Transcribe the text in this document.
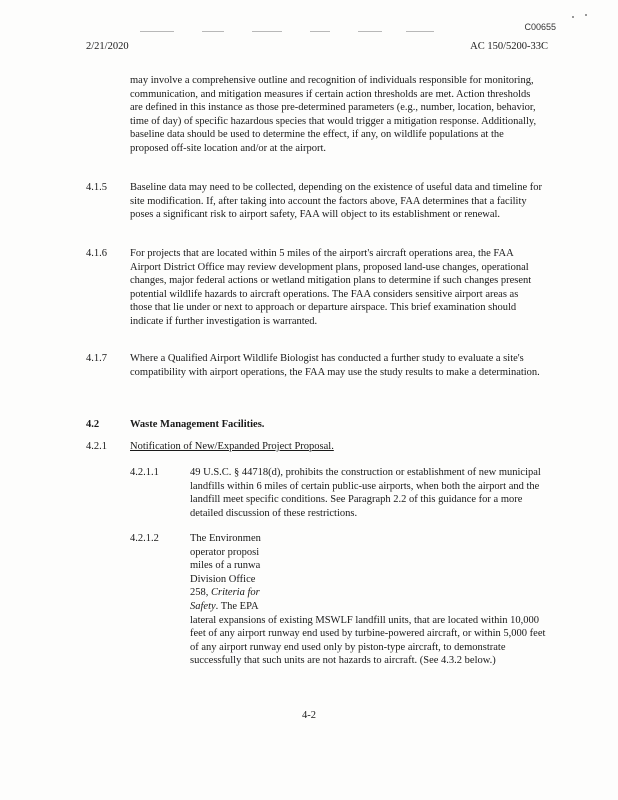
C00655
2/21/2020	AC 150/5200-33C
may involve a comprehensive outline and recognition of individuals responsible for monitoring, communication, and mitigation measures if certain action thresholds are met. Action thresholds are defined in this instance as those pre-determined parameters (e.g., number, location, behavior, time of day) of specific hazardous species that would trigger a mitigation response. Additionally, baseline data should be used to determine the effect, if any, on wildlife populations at the proposed off-site location and/or at the airport.
4.1.5 Baseline data may need to be collected, depending on the existence of useful data and timeline for site modification. If, after taking into account the factors above, FAA determines that a facility poses a significant risk to airport safety, FAA will object to its establishment or renewal.
4.1.6 For projects that are located within 5 miles of the airport's aircraft operations area, the FAA Airport District Office may review development plans, proposed land-use changes, operational changes, major federal actions or wetland mitigation plans to determine if such changes present potential wildlife hazards to aircraft operations. The FAA considers sensitive airport areas as those that lie under or next to approach or departure airspace. This brief examination should indicate if further investigation is warranted.
4.1.7 Where a Qualified Airport Wildlife Biologist has conducted a further study to evaluate a site's compatibility with airport operations, the FAA may use the study results to make a determination.
4.2	Waste Management Facilities.
4.2.1 Notification of New/Expanded Project Proposal.
4.2.1.1	49 U.S.C. § 44718(d), prohibits the construction or establishment of new municipal landfills within 6 miles of certain public-use airports, when both the airport and the landfill meet specific conditions. See Paragraph 2.2 of this guidance for a more detailed discussion of these restrictions.
4.2.1.2	The Environmen
operator proposi
miles of a runwa
Division Office
258, Criteria for
Safety. The EPA
lateral expansions of existing MSWLF landfill units, that are located within 10,000 feet of any airport runway end used by turbine-powered aircraft, or within 5,000 feet of any airport runway end used only by piston-type aircraft, to demonstrate successfully that such units are not hazards to aircraft. (See 4.3.2 below.)
4-2
